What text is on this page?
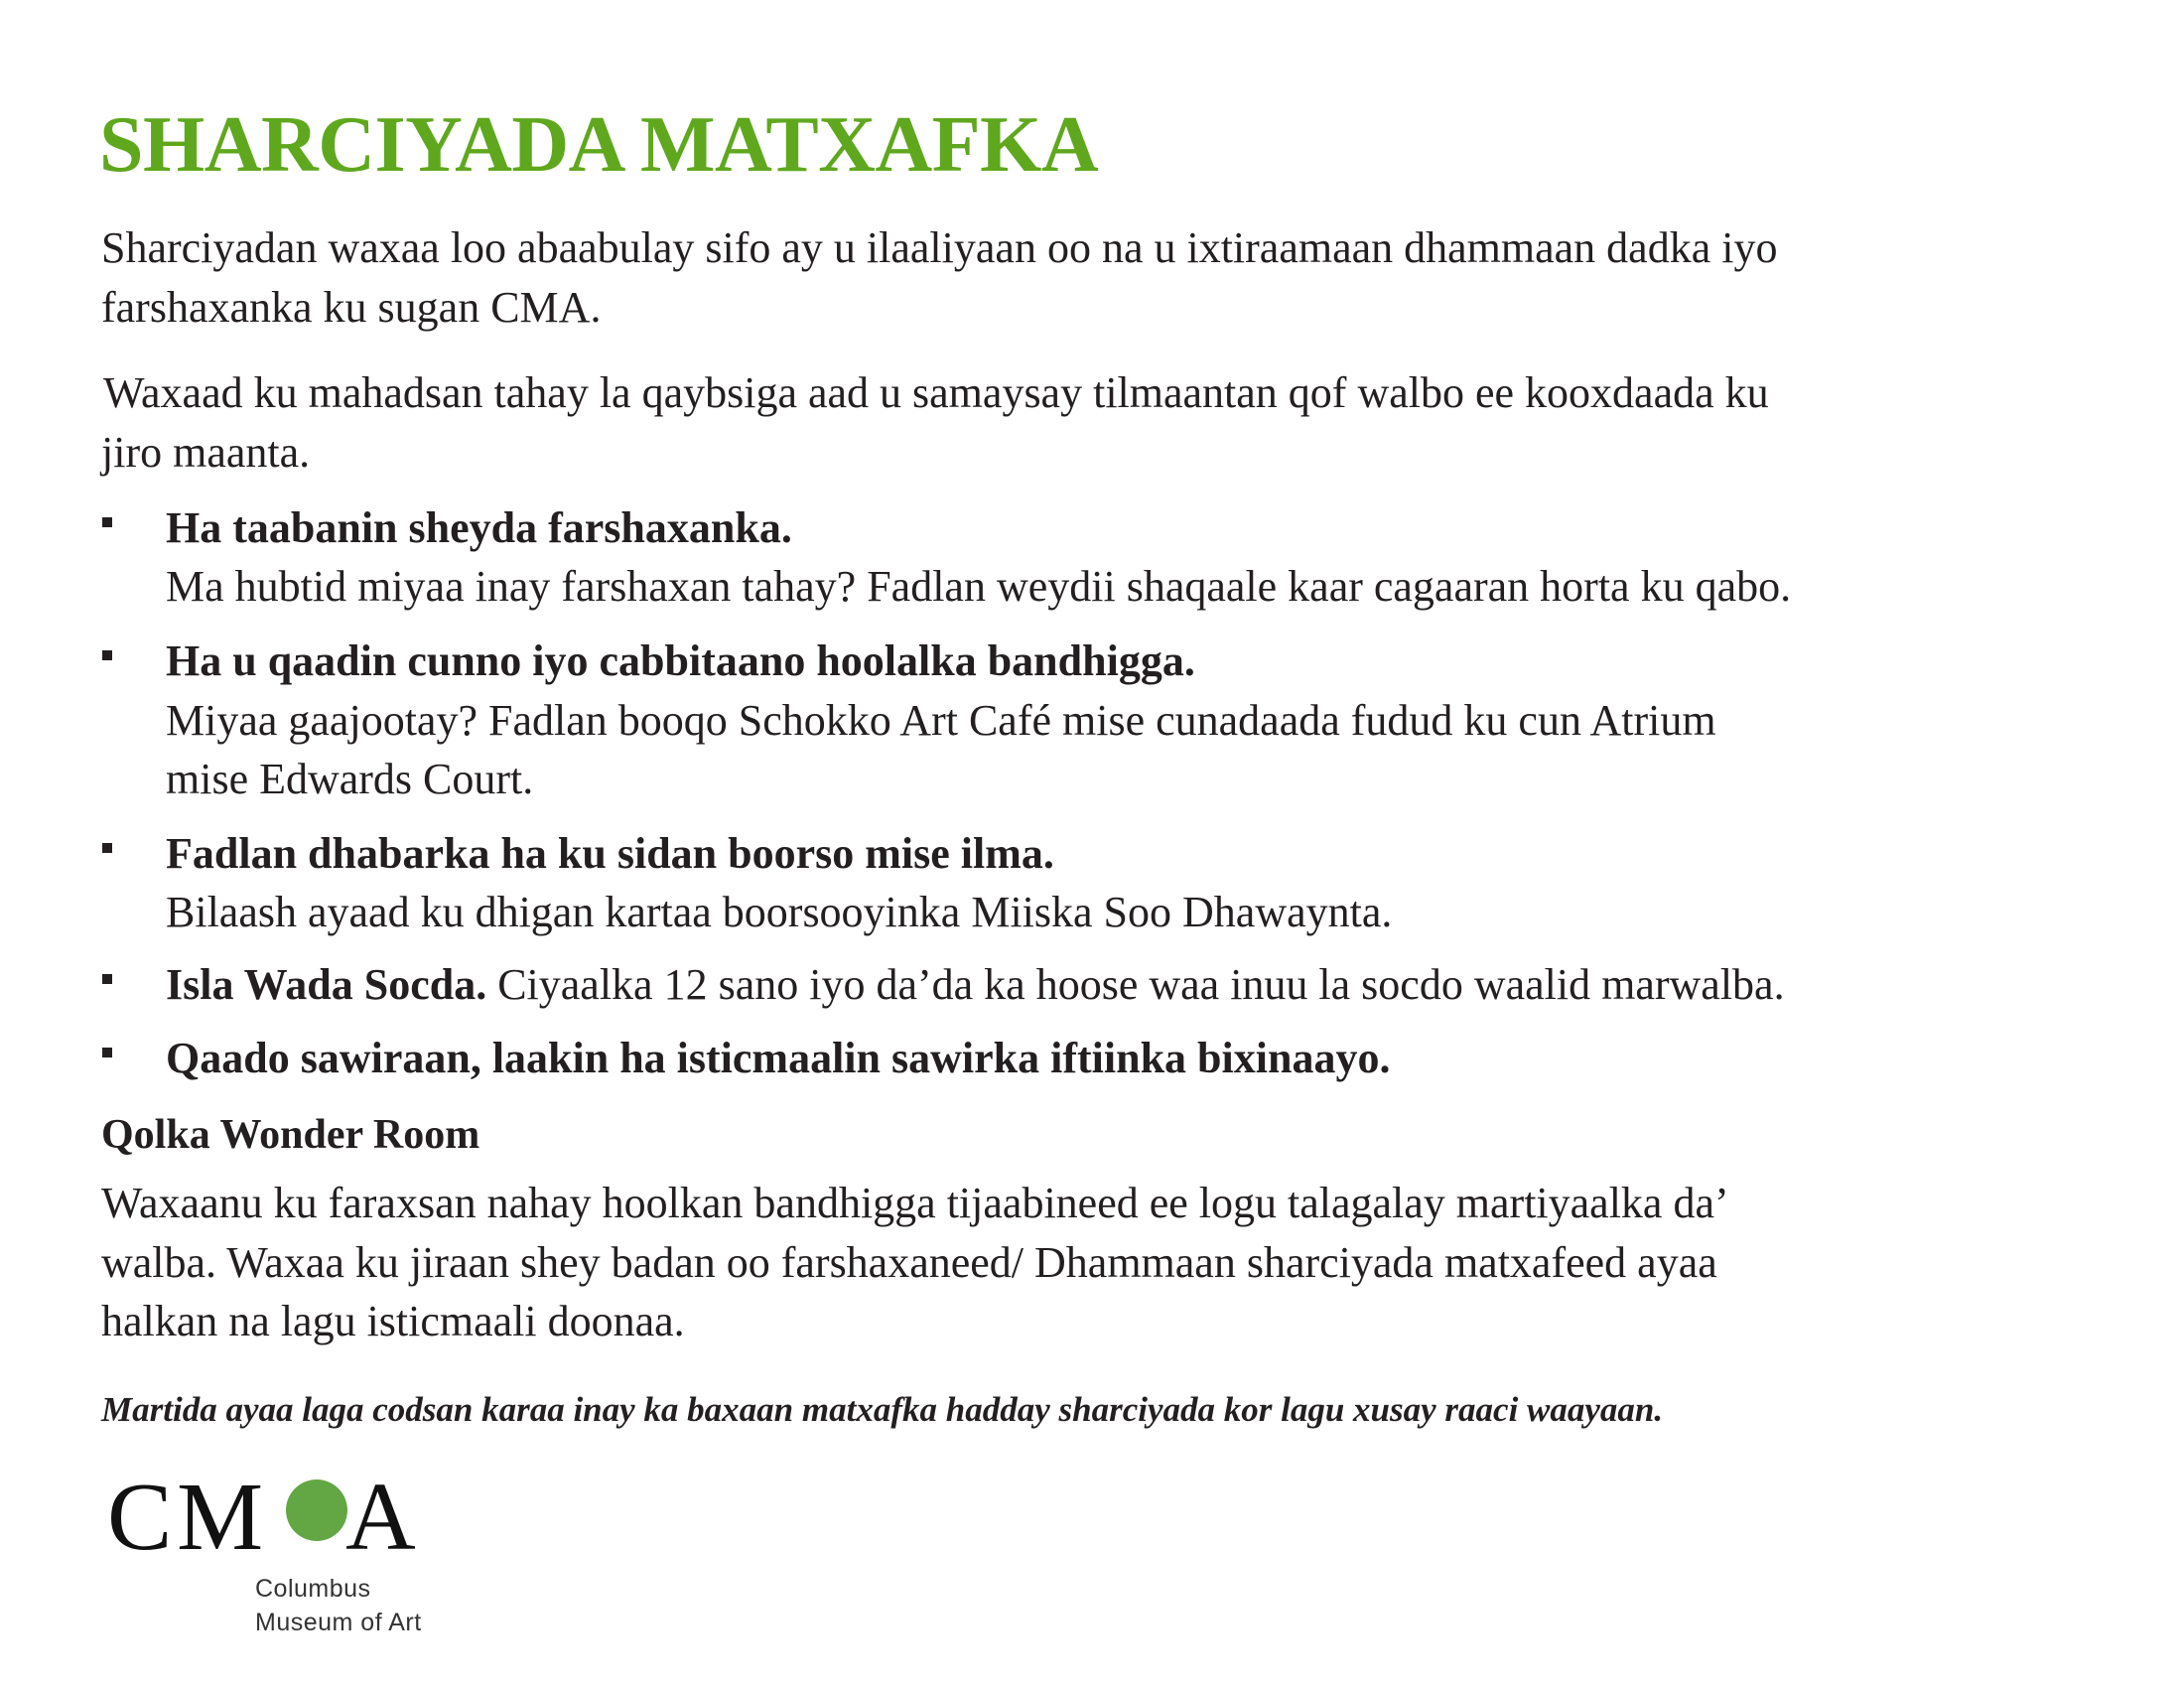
SHARCIYADA MATXAFKA
Sharciyadan waxaa loo abaabulay sifo ay u ilaaliyaan oo na u ixtiraamaan dhammaan dadka iyo
farshaxanka ku sugan CMA.
Waxaad ku mahadsan tahay la qaybsiga aad u samaysay tilmaantan qof walbo ee kooxdaada ku
jiro maanta.
Ha taabanin sheyda farshaxanka.
Ma hubtid miyaa inay farshaxan tahay? Fadlan weydii shaqaale kaar cagaaran horta ku qabo.
Ha u qaadin cunno iyo cabbitaano hoolalka bandhigga.
Miyaa gaajootay? Fadlan booqo Schokko Art Café mise cunadaada fudud ku cun Atrium
mise Edwards Court.
Fadlan dhabarka ha ku sidan boorso mise ilma.
Bilaash ayaad ku dhigan kartaa boorsooyinka Miiska Soo Dhawaynta.
Isla Wada Socda. Ciyaalka 12 sano iyo da’da ka hoose waa inuu la socdo waalid marwalba.
Qaado sawiraan, laakin ha isticmaalin sawirka iftiinka bixinaayo.
Qolka Wonder Room
Waxaanu ku faraxsan nahay hoolkan bandhigga tijaabineed ee logu talagalay martiyaalka da’
walba. Waxaa ku jiraan shey badan oo farshaxaneed/ Dhammaan sharciyada matxafeed ayaa
halkan na lagu isticmaali doonaa.
Martida ayaa laga codsan karaa inay ka baxaan matxafka hadday sharciyada kor lagu xusay raaci waayaan.
C M A
Columbus
Museum of Art
